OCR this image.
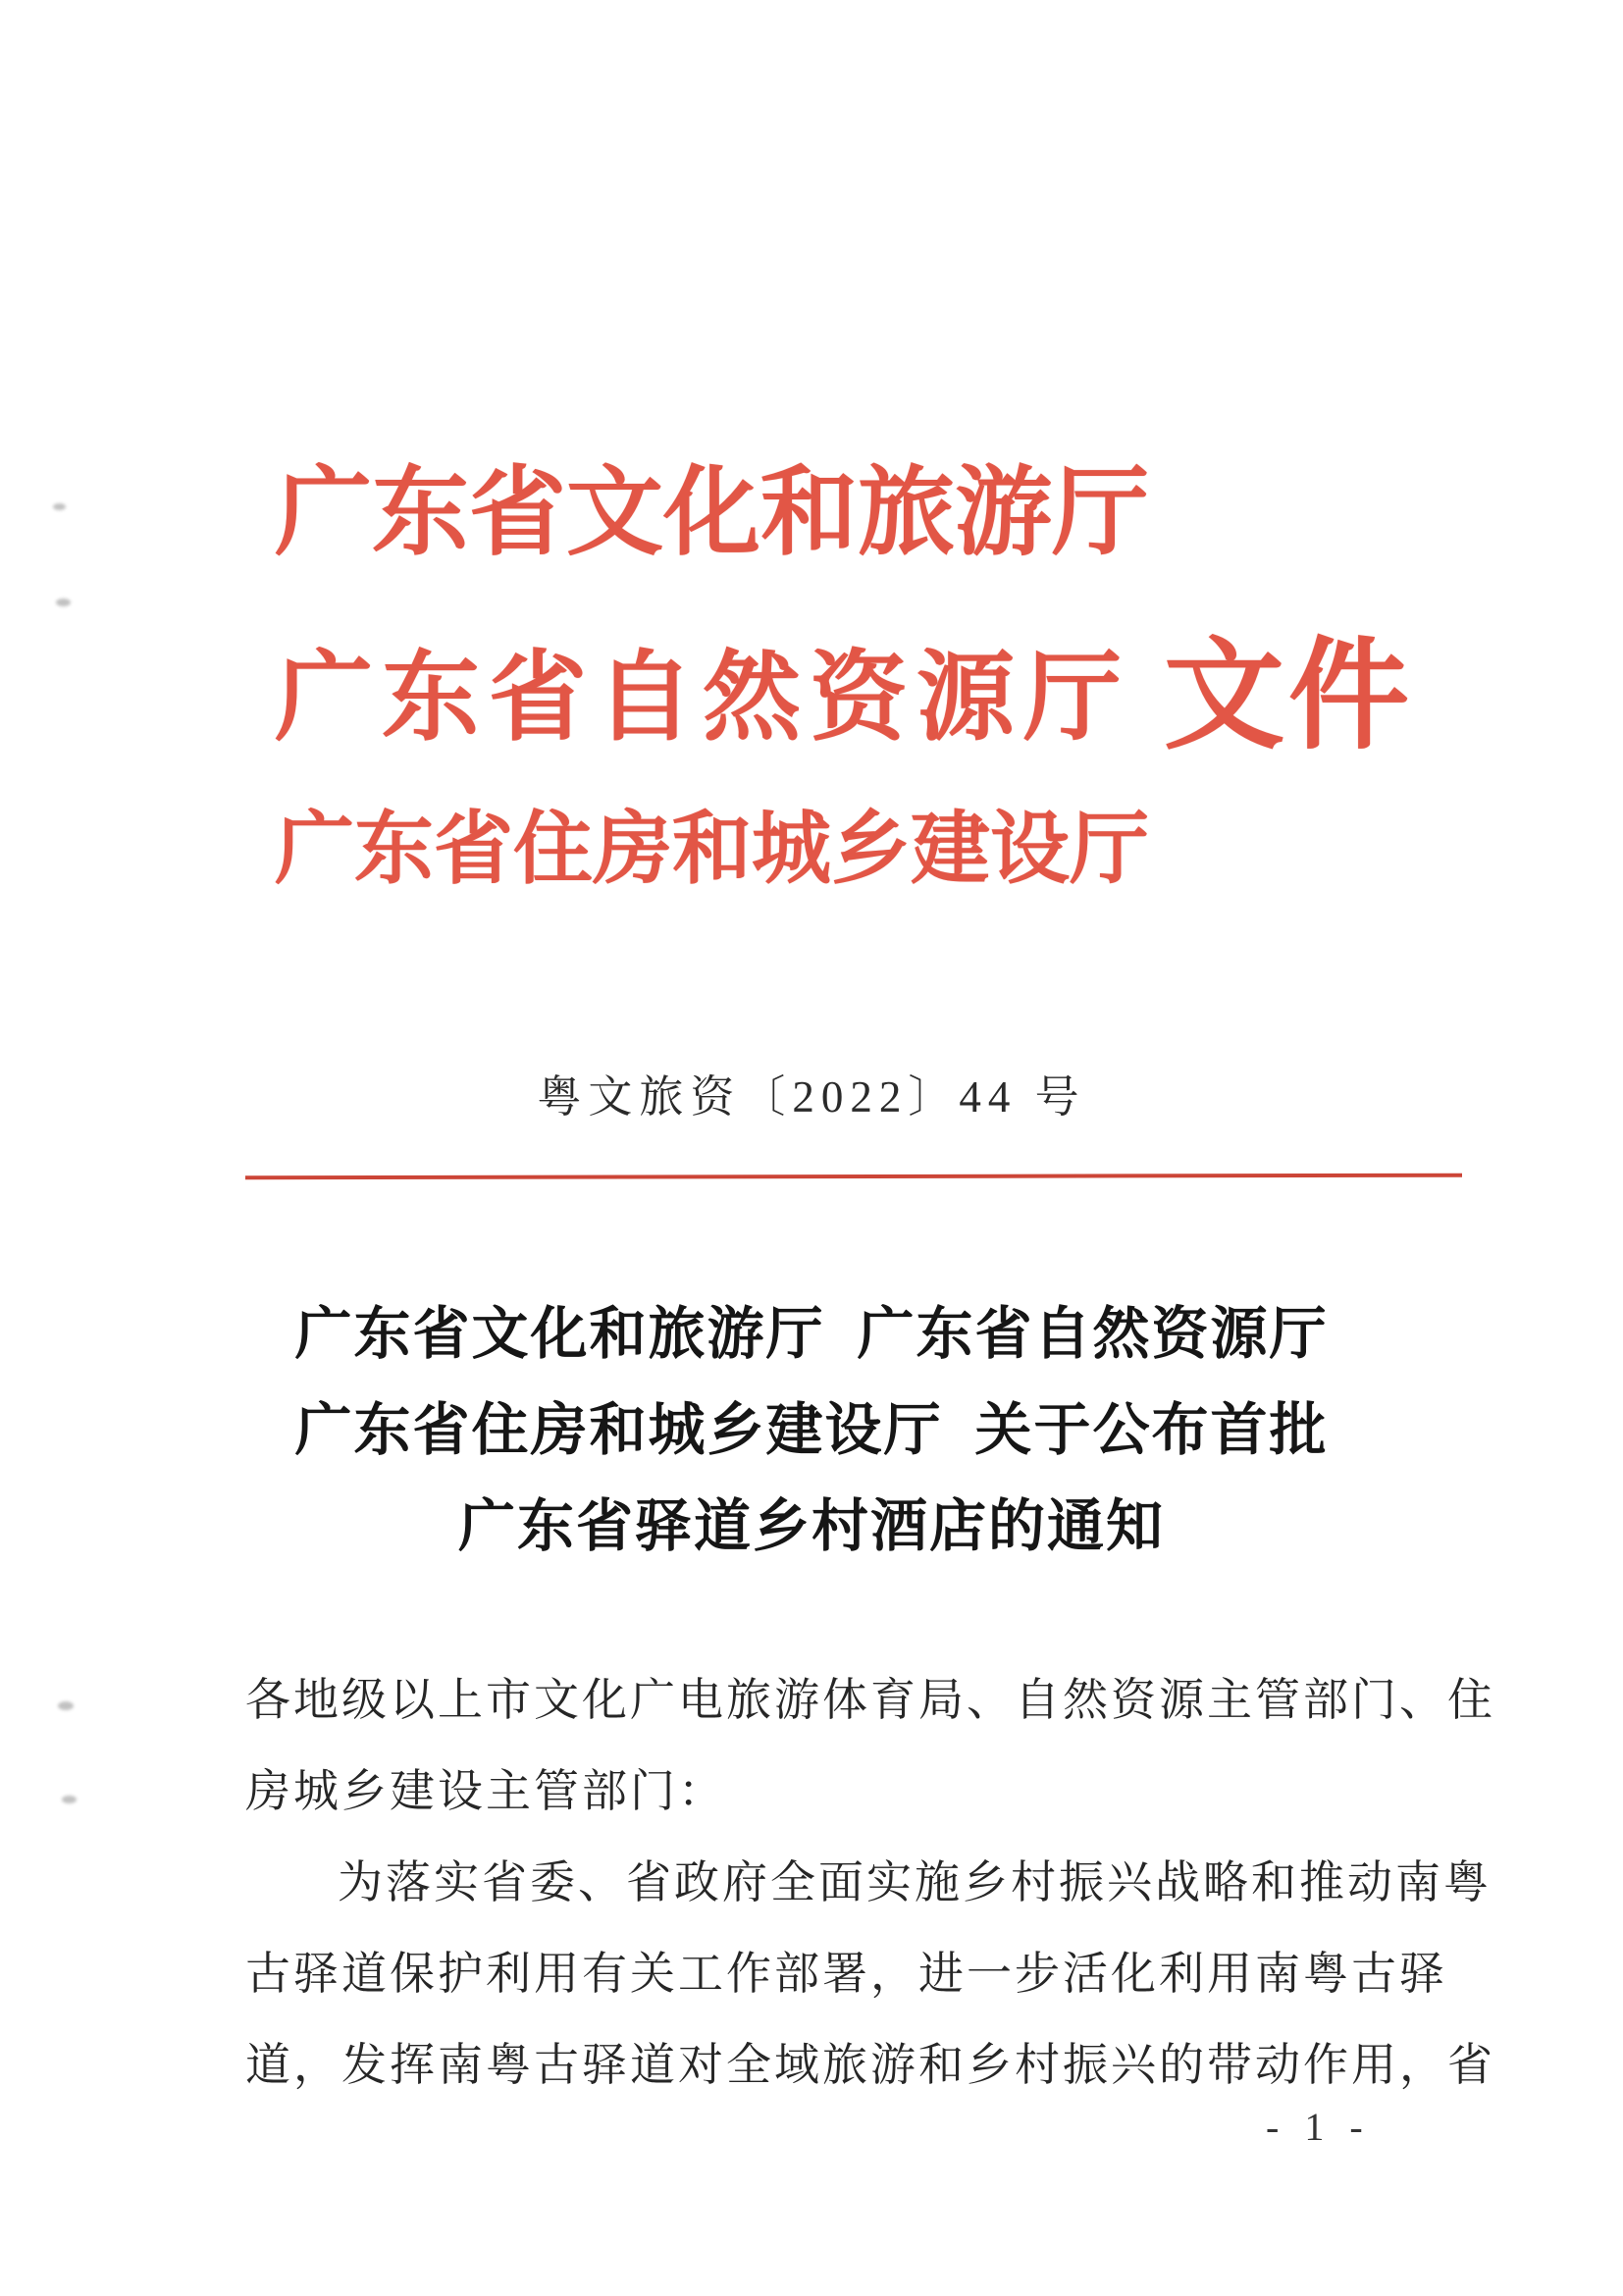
广东省文化和旅游厅
广东省自然资源厅 文件
广东省住房和城乡建设厅
粤文旅资〔2022〕44 号
广东省文化和旅游厅  广东省自然资源厅
广东省住房和城乡建设厅  关于公布首批
广东省驿道乡村酒店的通知
各地级以上市文化广电旅游体育局、自然资源主管部门、住
房城乡建设主管部门：
为落实省委、省政府全面实施乡村振兴战略和推动南粤
古驿道保护利用有关工作部署，进一步活化利用南粤古驿
道，发挥南粤古驿道对全域旅游和乡村振兴的带动作用，省
- 1 -
